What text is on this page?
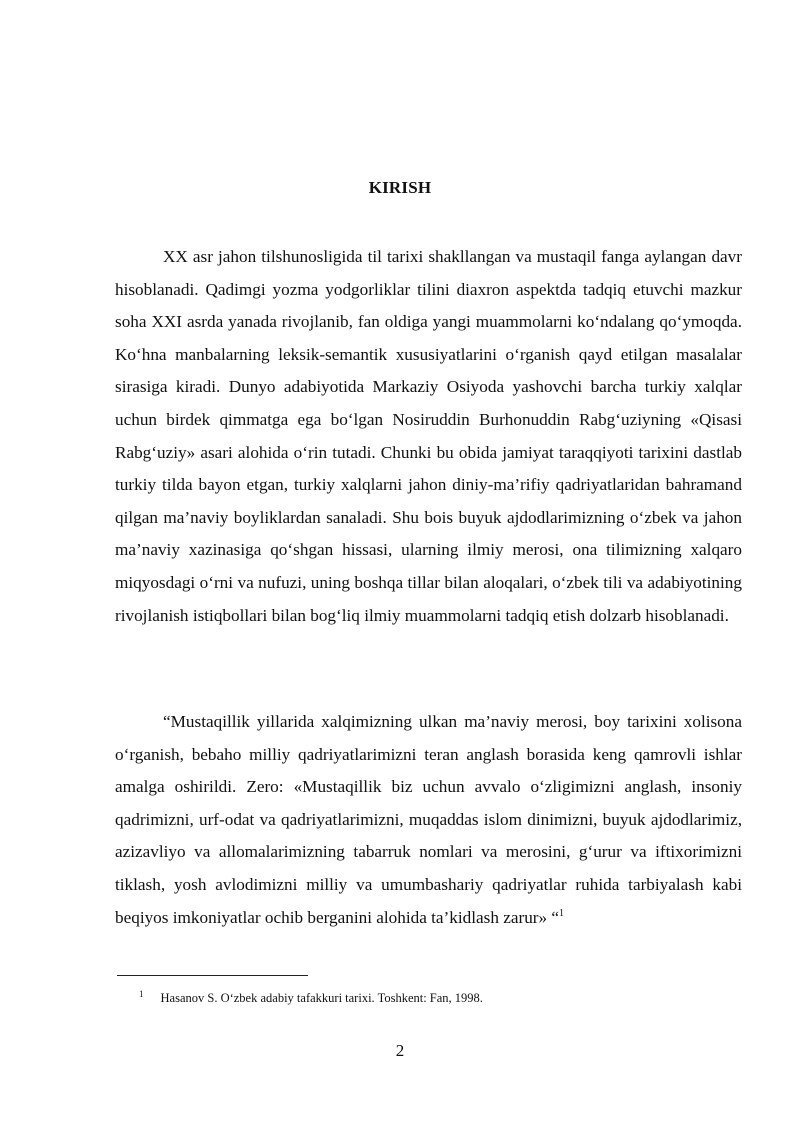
KIRISH

XX asr jahon tilshunosligida til tarixi shakllangan va mustaqil fanga aylangan davr hisoblanadi. Qadimgi yozma yodgorliklar tilini diaxron aspektda tadqiq etuvchi mazkur soha XXI asrda yanada rivojlanib, fan oldiga yangi muammolarni ko‘ndalang qo‘ymoqda. Ko‘hna manbalarning leksik-semantik xususiyatlarini o‘rganish qayd etilgan masalalar sirasiga kiradi. Dunyo adabiyotida Markaziy Osiyoda yashovchi barcha turkiy xalqlar uchun birdek qimmatga ega bo‘lgan Nosiruddin Burhonuddin Rabg‘uziyning «Qisasi Rabg‘uziy» asari alohida o‘rin tutadi. Chunki bu obida jamiyat taraqqiyoti tarixini dastlab turkiy tilda bayon etgan, turkiy xalqlarni jahon diniy-ma’rifiy qadriyatlaridan bahramand qilgan ma’naviy boyliklardan sanaladi. Shu bois buyuk ajdodlarimizning o‘zbek va jahon ma’naviy xazinasiga qo‘shgan hissasi, ularning ilmiy merosi, ona tilimizning xalqaro miqyosdagi o‘rni va nufuzi, uning boshqa tillar bilan aloqalari, o‘zbek tili va adabiyotining rivojlanish istiqbollari bilan bog‘liq ilmiy muammolarni tadqiq etish dolzarb hisoblanadi.

“Mustaqillik yillarida xalqimizning ulkan ma’naviy merosi, boy tarixini xolisona o‘rganish, bebaho milliy qadriyatlarimizni teran anglash borasida keng qamrovli ishlar amalga oshirildi. Zero: «Mustaqillik biz uchun avvalo o‘zligimizni anglash, insoniy qadrimizni, urf-odat va qadriyatlarimizni, muqaddas islom dinimizni, buyuk ajdodlarimiz, azizavliyo va allomalarimizning tabarruk nomlari va merosini, g‘urur va iftixorimizni tiklash, yosh avlodimizni milliy va umumbashariy qadriyatlar ruhida tarbiyalash kabi beqiyos imkoniyatlar ochib berganini alohida ta’kidlash zarur» “$^1$

$^1$ Hasanov S. O‘zbek adabiy tafakkuri tarixi. Toshkent: Fan, 1998.
2
